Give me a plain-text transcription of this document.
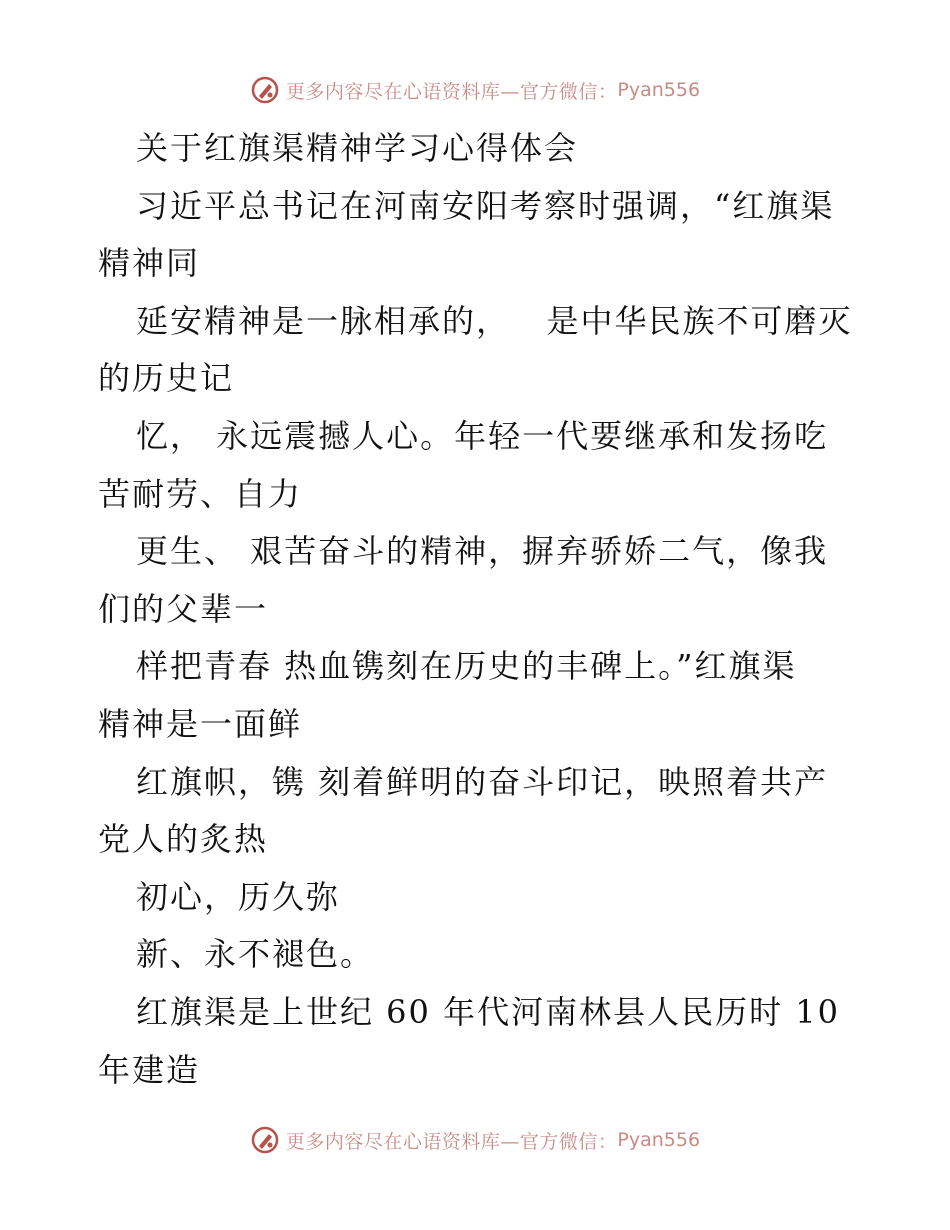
更多内容尽在心语资料库—官方微信： Pyan556
关于红旗渠精神学习心得体会
习近平总书记在河南安阳考察时强调，“红旗渠
精神同
延安精神是一脉相承的，   是中华民族不可磨灭
的历史记
忆， 永远震撼人心。年轻一代要继承和发扬吃
苦耐劳、自力
更生、 艰苦奋斗的精神，摒弃骄娇二气，像我
们的父辈一
样把青春 热血镌刻在历史的丰碑上。”红旗渠
精神是一面鲜
红旗帜，镌 刻着鲜明的奋斗印记，映照着共产
党人的炙热
初心，历久弥
新、永不褪色。
红旗渠是上世纪 60 年代河南林县人民历时 10
年建造
更多内容尽在心语资料库—官方微信： Pyan556
